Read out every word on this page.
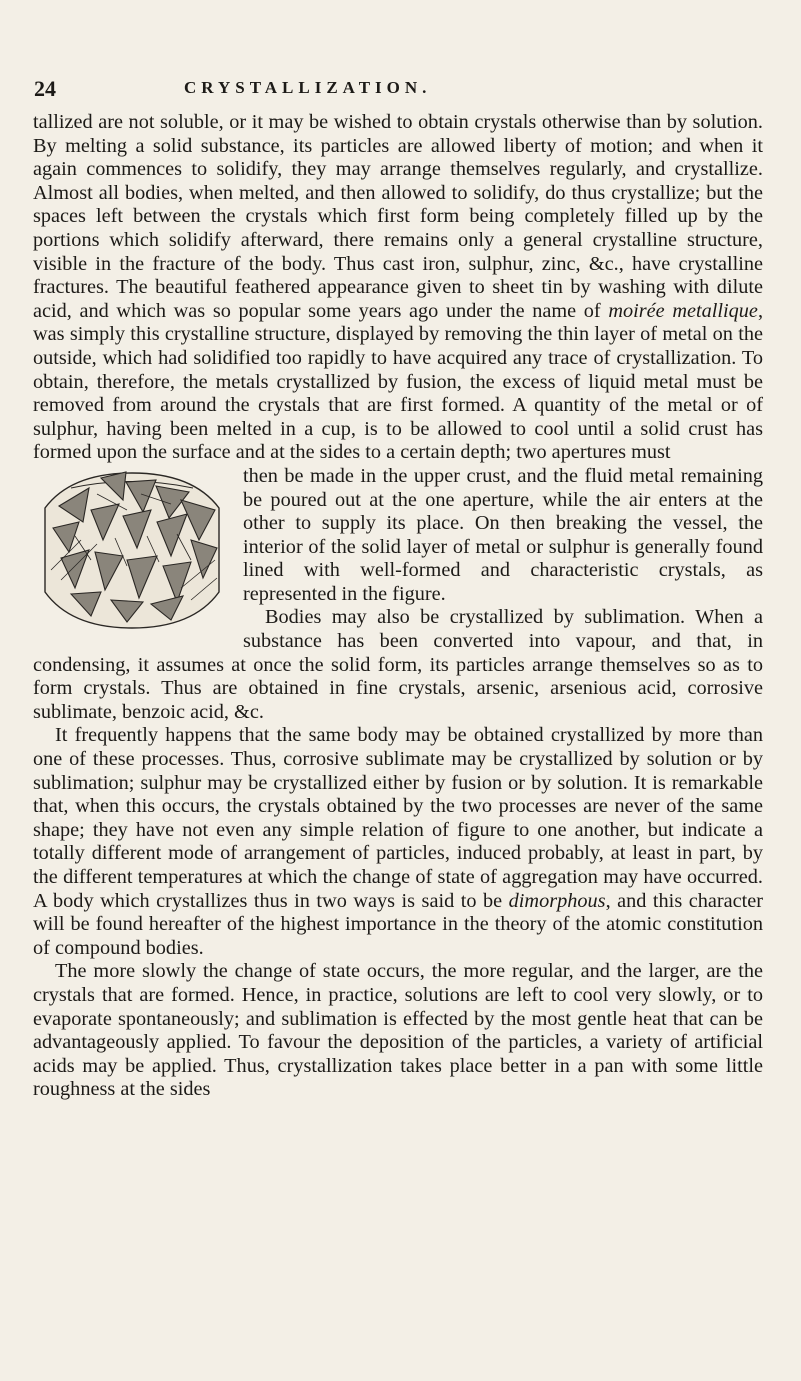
24	CRYSTALLIZATION.

tallized are not soluble, or it may be wished to obtain crystals otherwise than by solution. By melting a solid substance, its particles are allowed liberty of motion; and when it again commences to solidify, they may arrange themselves regularly, and crystallize. Almost all bodies, when melted, and then allowed to solidify, do thus crystallize; but the spaces left between the crystals which first form being completely filled up by the portions which solidify afterward, there remains only a general crystalline structure, visible in the fracture of the body. Thus cast iron, sulphur, zinc, &c., have crystalline fractures. The beautiful feathered appearance given to sheet tin by washing with dilute acid, and which was so popular some years ago under the name of moirée metallique, was simply this crystalline structure, displayed by removing the thin layer of metal on the outside, which had solidified too rapidly to have acquired any trace of crystallization. To obtain, therefore, the metals crystallized by fusion, the excess of liquid metal must be removed from around the crystals that are first formed. A quantity of the metal or of sulphur, having been melted in a cup, is to be allowed to cool until a solid crust has formed upon the surface and at the sides to a certain depth; two apertures must

then be made in the upper crust, and the fluid metal remaining be poured out at the one aperture, while the air enters at the other to supply its place. On then breaking the vessel, the interior of the solid layer of metal or sulphur is generally found lined with well-formed and characteristic crystals, as represented in the figure.

Bodies may also be crystallized by sublimation. When a substance has been converted into vapour, and that, in condensing, it assumes at once the solid form, its particles arrange themselves so as to form crystals. Thus are obtained in fine crystals, arsenic, arsenious acid, corrosive sublimate, benzoic acid, &c.

It frequently happens that the same body may be obtained crystallized by more than one of these processes. Thus, corrosive sublimate may be crystallized by solution or by sublimation; sulphur may be crystallized either by fusion or by solution. It is remarkable that, when this occurs, the crystals obtained by the two processes are never of the same shape; they have not even any simple relation of figure to one another, but indicate a totally different mode of arrangement of particles, induced probably, at least in part, by the different temperatures at which the change of state of aggregation may have occurred. A body which crystallizes thus in two ways is said to be dimorphous, and this character will be found hereafter of the highest importance in the theory of the atomic constitution of compound bodies.

The more slowly the change of state occurs, the more regular, and the larger, are the crystals that are formed. Hence, in practice, solutions are left to cool very slowly, or to evaporate spontaneously; and sublimation is effected by the most gentle heat that can be advantageously applied. To favour the deposition of the particles, a variety of artificial acids may be applied. Thus, crystallization takes place better in a pan with some little roughness at the sides
